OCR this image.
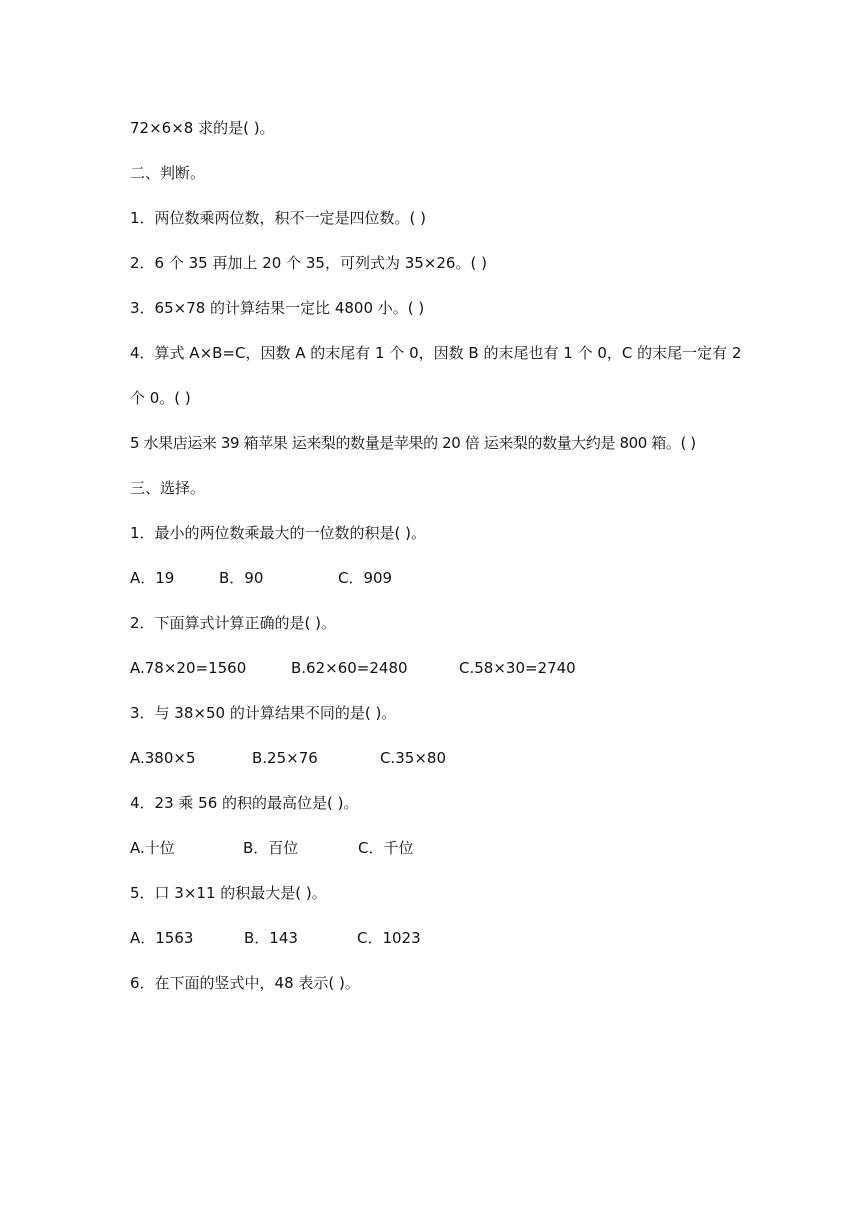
72×6×8 求的是( )。
二、判断。
1．两位数乘两位数，积不一定是四位数。( )
2．6 个 35 再加上 20 个 35，可列式为 35×26。( )
3．65×78 的计算结果一定比 4800 小。( )
4．算式 A×B=C，因数 A 的末尾有 1 个 0，因数 B 的末尾也有 1 个 0，C 的末尾一定有 2
个 0。( )
5 水果店运来 39 箱苹果 运来梨的数量是苹果的 20 倍 运来梨的数量大约是 800 箱。( )
三、选择。
1．最小的两位数乘最大的一位数的积是( )。
A．19	B．90	C．909
2．下面算式计算正确的是( )。
A.78×20=1560	B.62×60=2480	C.58×30=2740
3．与 38×50 的计算结果不同的是( )。
A.380×5	B.25×76	C.35×80
4．23 乘 56 的积的最高位是( )。
A.十位	B．百位	C．千位
5．口 3×11 的积最大是( )。
A．1563	B．143	C．1023
6．在下面的竖式中，48 表示( )。
